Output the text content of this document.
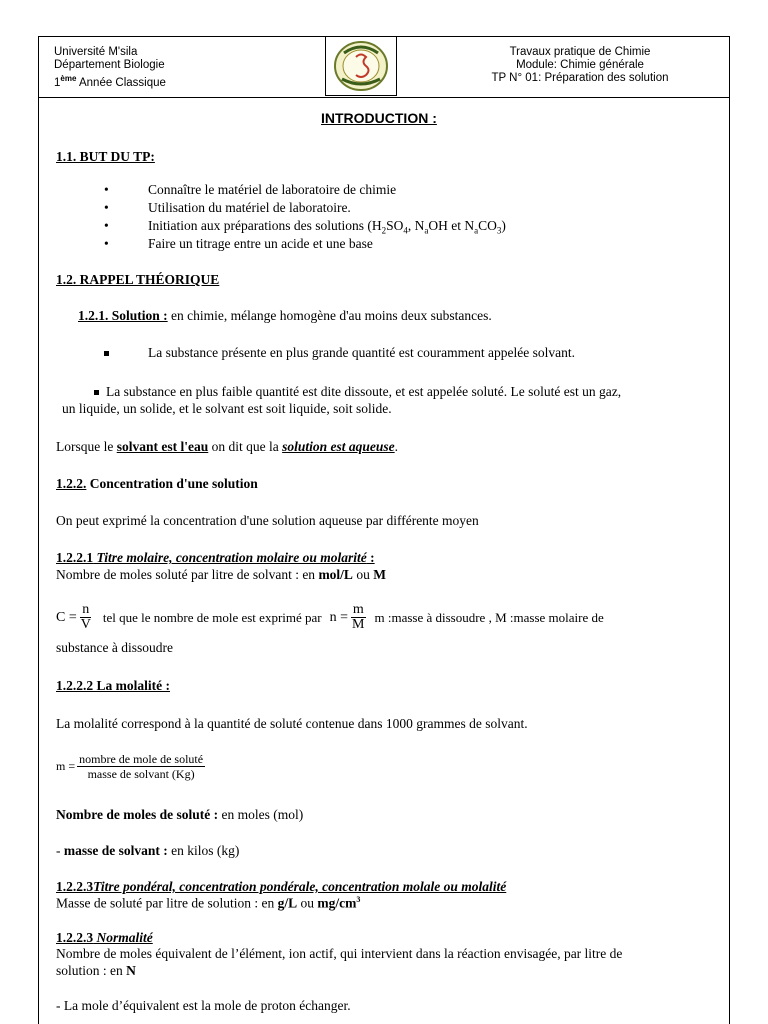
Université M'sila
Département Biologie
1ème Année Classique
Travaux pratique de Chimie
Module: Chimie générale
TP N° 01: Préparation des solution
INTRODUCTION :
1.1. BUT DU TP:
•	Connaître le matériel de laboratoire de chimie
•	Utilisation du matériel de laboratoire.
•	Initiation aux préparations des solutions ($H_2SO_4$, $N_aOH$ et $N_aCO_3$)
•	Faire un titrage entre un acide et une base
1.2. RAPPEL THÉORIQUE
1.2.1. Solution : en chimie, mélange homogène d'au moins deux substances.
La substance présente en plus grande quantité est couramment appelée solvant.
La substance en plus faible quantité est dite dissoute, et est appelée soluté. Le soluté est un gaz,
un liquide, un solide, et le solvant est soit liquide, soit solide.
Lorsque le solvant est l'eau on dit que la solution est aqueuse.
1.2.2. Concentration d'une solution
On peut exprimé la concentration d'une solution aqueuse par différente moyen
1.2.2.1 Titre molaire, concentration molaire ou molarité :
Nombre de moles soluté par litre de solvant : en mol/L ou M
$C = \frac{n}{V}$ tel que le nombre de mole est exprimé par $n = \frac{m}{M}$ m :masse à dissoudre , M :masse molaire de
substance à dissoudre
1.2.2.2 La molalité :
La molalité correspond à la quantité de soluté contenue dans 1000 grammes de solvant.
$m = \frac{\text{nombre de mole de soluté}}{\text{masse de solvant (Kg)}}$
Nombre de moles de soluté : en moles (mol)
- masse de solvant : en kilos (kg)
1.2.2.3Titre pondéral, concentration pondérale, concentration molale ou molalité
Masse de soluté par litre de solution : en g/L ou $mg/cm^3$
1.2.2.3 Normalité
Nombre de moles équivalent de l’élément, ion actif, qui intervient dans la réaction envisagée, par litre de
solution : en N
- La mole d’équivalent est la mole de proton échanger.
